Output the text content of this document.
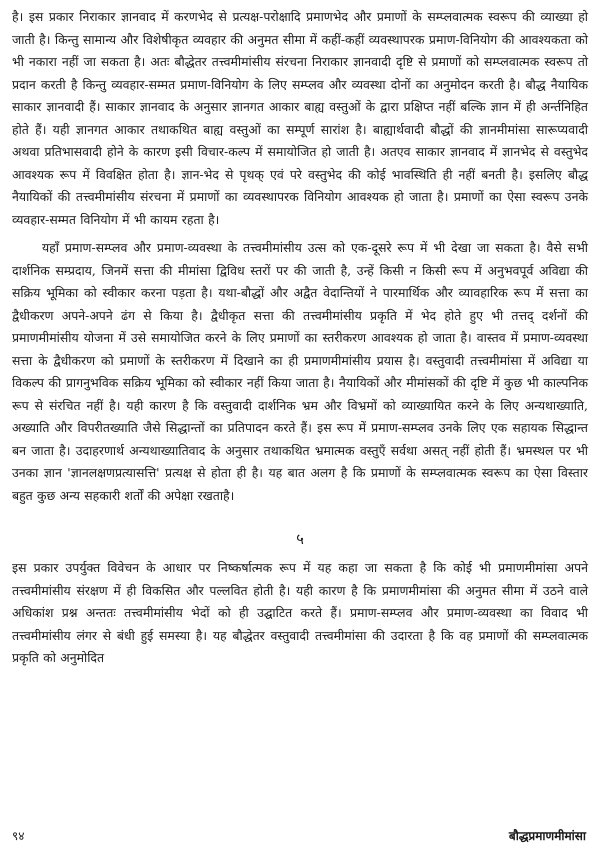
है। इस प्रकार निराकार ज्ञानवाद में करणभेद से प्रत्यक्ष-परोक्षादि प्रमाणभेद और प्रमाणों के सम्प्लवात्मक स्वरूप की व्याख्या हो जाती है। किन्तु सामान्य और विशेषीकृत व्यवहार की अनुमत सीमा में कहीं-कहीं व्यवस्थापरक प्रमाण-विनियोग की आवश्यकता को भी नकारा नहीं जा सकता है। अतः बौद्धेतर तत्त्वमीमांसीय संरचना निराकार ज्ञानवादी दृष्टि से प्रमाणों को सम्प्लवात्मक स्वरूप तो प्रदान करती है किन्तु व्यवहार-सम्मत प्रमाण-विनियोग के लिए सम्प्लव और व्यवस्था दोनों का अनुमोदन करती है। बौद्ध नैयायिक साकार ज्ञानवादी हैं। साकार ज्ञानवाद के अनुसार ज्ञानगत आकार बाह्य वस्तुओं के द्वारा प्रक्षिप्त नहीं बल्कि ज्ञान में ही अर्न्तनिहित होते हैं। यही ज्ञानगत आकार तथाकथित बाह्य वस्तुओं का सम्पूर्ण सारांश है। बाह्यार्थवादी बौद्धों की ज्ञानमीमांसा सारूप्यवादी अथवा प्रतिभासवादी होने के कारण इसी विचार-कल्प में समायोजित हो जाती है। अतएव साकार ज्ञानवाद में ज्ञानभेद से वस्तुभेद आवश्यक रूप में विवक्षित होता है। ज्ञान-भेद से पृथक् एवं परे वस्तुभेद की कोई भावस्थिति ही नहीं बनती है। इसलिए बौद्ध नैयायिकों की तत्त्वमीमांसीय संरचना में प्रमाणों का व्यवस्थापरक विनियोग आवश्यक हो जाता है। प्रमाणों का ऐसा स्वरूप उनके व्यवहार-सम्मत विनियोग में भी कायम रहता है।

यहाँ प्रमाण-सम्प्लव और प्रमाण-व्यवस्था के तत्त्वमीमांसीय उत्स को एक-दूसरे रूप में भी देखा जा सकता है। वैसे सभी दार्शनिक सम्प्रदाय, जिनमें सत्ता की मीमांसा द्विविध स्तरों पर की जाती है, उन्हें किसी न किसी रूप में अनुभवपूर्व अविद्या की सक्रिय भूमिका को स्वीकार करना पड़ता है। यथा-बौद्धों और अद्वैत वेदान्तियों ने पारमार्थिक और व्यावहारिक रूप में सत्ता का द्वैधीकरण अपने-अपने ढंग से किया है। द्वैधीकृत सत्ता की तत्त्वमीमांसीय प्रकृति में भेद होते हुए भी तत्तद् दर्शनों की प्रमाणमीमांसीय योजना में उसे समायोजित करने के लिए प्रमाणों का स्तरीकरण आवश्यक हो जाता है। वास्तव में प्रमाण-व्यवस्था सत्ता के द्वैधीकरण को प्रमाणों के स्तरीकरण में दिखाने का ही प्रमाणमीमांसीय प्रयास है। वस्तुवादी तत्त्वमीमांसा में अविद्या या विकल्प की प्रागनुभविक सक्रिय भूमिका को स्वीकार नहीं किया जाता है। नैयायिकों और मीमांसकों की दृष्टि में कुछ भी काल्पनिक रूप से संरचित नहीं है। यही कारण है कि वस्तुवादी दार्शनिक भ्रम और विभ्रमों को व्याख्यायित करने के लिए अन्यथाख्याति, अख्याति और विपरीतख्याति जैसे सिद्धान्तों का प्रतिपादन करते हैं। इस रूप में प्रमाण-सम्प्लव उनके लिए एक सहायक सिद्धान्त बन जाता है। उदाहरणार्थ अन्यथाख्यातिवाद के अनुसार तथाकथित भ्रमात्मक वस्तुएँ सर्वथा असत् नहीं होती हैं। भ्रमस्थल पर भी उनका ज्ञान 'ज्ञानलक्षणप्रत्यासत्ति' प्रत्यक्ष से होता ही है। यह बात अलग है कि प्रमाणों के सम्प्लवात्मक स्वरूप का ऐसा विस्तार बहुत कुछ अन्य सहकारी शर्तों की अपेक्षा रखताहै।

५

इस प्रकार उपर्युक्त विवेचन के आधार पर निष्कर्षात्मक रूप में यह कहा जा सकता है कि कोई भी प्रमाणमीमांसा अपने तत्त्वमीमांसीय संरक्षण में ही विकसित और पल्लवित होती है। यही कारण है कि प्रमाणमीमांसा की अनुमत सीमा में उठने वाले अधिकांश प्रश्न अन्ततः तत्त्वमीमांसीय भेदों को ही उद्घाटित करते हैं। प्रमाण-सम्प्लव और प्रमाण-व्यवस्था का विवाद भी तत्त्वमीमांसीय लंगर से बंधी हुई समस्या है। यह बौद्धेतर वस्तुवादी तत्त्वमीमांसा की उदारता है कि वह प्रमाणों की सम्प्लवात्मक प्रकृति को अनुमोदित

९४	बौद्धप्रमाणमीमांसा
